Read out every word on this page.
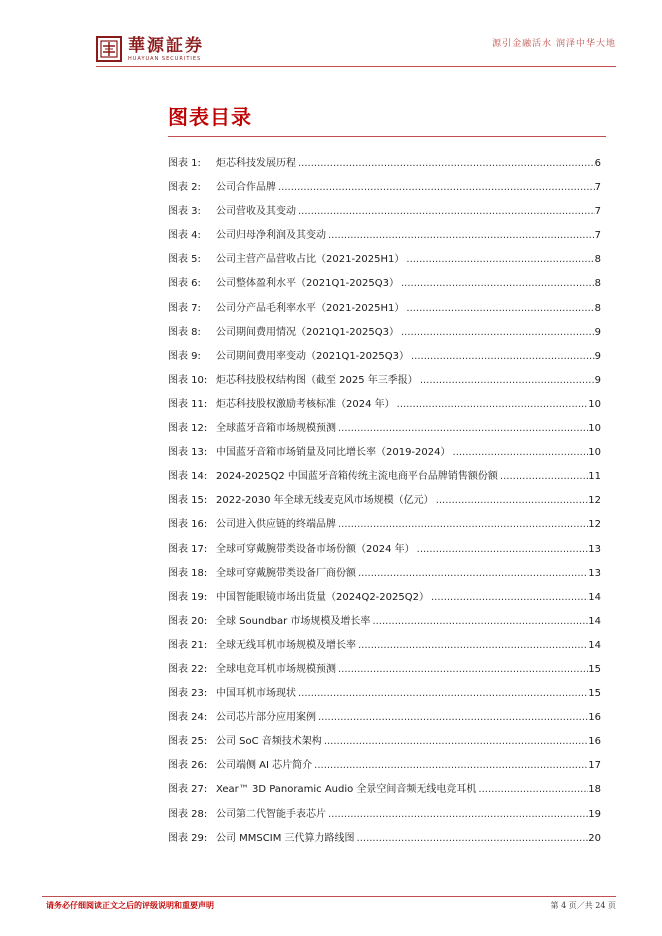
華源証券
HUAYUAN SECURITIES
源引金融活水 润泽中华大地
图表目录
图表 1:	炬芯科技发展历程 .....	6
图表 2:	公司合作品牌 .....	7
图表 3:	公司营收及其变动 .....	7
图表 4:	公司归母净利润及其变动 .....	7
图表 5:	公司主营产品营收占比（2021-2025H1） .....	8
图表 6:	公司整体盈利水平（2021Q1-2025Q3） .....	8
图表 7:	公司分产品毛利率水平（2021-2025H1） .....	8
图表 8:	公司期间费用情况（2021Q1-2025Q3） .....	9
图表 9:	公司期间费用率变动（2021Q1-2025Q3） .....	9
图表 10: 炬芯科技股权结构图（截至 2025 年三季报） .....	9
图表 11: 炬芯科技股权激励考核标准（2024 年） .....	10
图表 12: 全球蓝牙音箱市场规模预测 .....	10
图表 13: 中国蓝牙音箱市场销量及同比增长率（2019-2024） .....	10
图表 14: 2024-2025Q2 中国蓝牙音箱传统主流电商平台品牌销售额份额 .....	11
图表 15: 2022-2030 年全球无线麦克风市场规模（亿元） .....	12
图表 16: 公司进入供应链的终端品牌 .....	12
图表 17: 全球可穿戴腕带类设备市场份额（2024 年） .....	13
图表 18: 全球可穿戴腕带类设备厂商份额 .....	13
图表 19: 中国智能眼镜市场出货量（2024Q2-2025Q2） .....	14
图表 20: 全球 Soundbar 市场规模及增长率 .....	14
图表 21: 全球无线耳机市场规模及增长率 .....	14
图表 22: 全球电竞耳机市场规模预测 .....	15
图表 23: 中国耳机市场现状 .....	15
图表 24: 公司芯片部分应用案例 .....	16
图表 25: 公司 SoC 音频技术架构 .....	16
图表 26: 公司端侧 AI 芯片简介 .....	17
图表 27: Xear™ 3D Panoramic Audio 全景空间音频无线电竞耳机 .....	18
图表 28: 公司第二代智能手表芯片 .....	19
图表 29: 公司 MMSCIM 三代算力路线图 .....	20
请务必仔细阅读正文之后的评级说明和重要声明	第 4 页／共 24 页
